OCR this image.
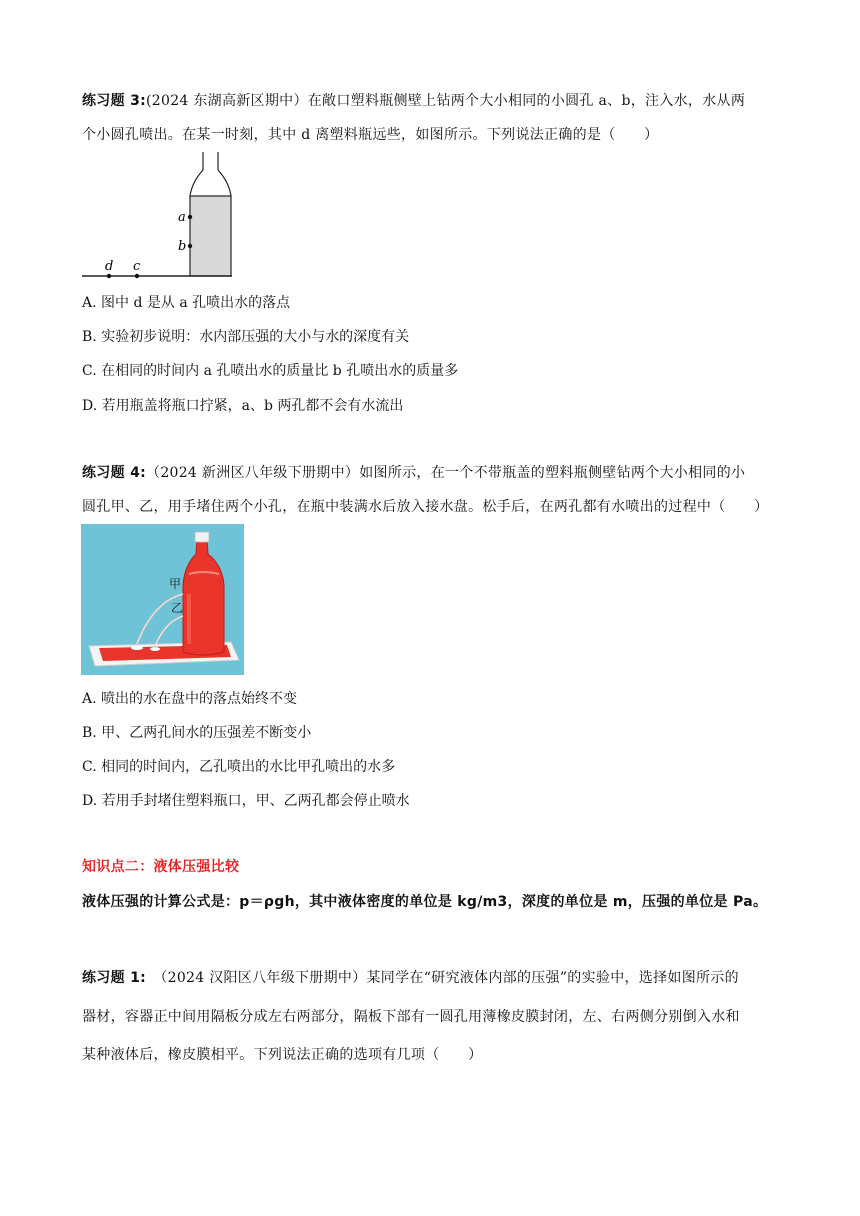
练习题 3:(2024 东湖高新区期中）在敞口塑料瓶侧壁上钻两个大小相同的小圆孔 a、b，注入水，水从两
个小圆孔喷出。在某一时刻，其中 d 离塑料瓶远些，如图所示。下列说法正确的是（　　）
a
b
d c
A. 图中 d 是从 a 孔喷出水的落点
B. 实验初步说明：水内部压强的大小与水的深度有关
C. 在相同的时间内 a 孔喷出水的质量比 b 孔喷出水的质量多
D. 若用瓶盖将瓶口拧紧，a、b 两孔都不会有水流出
练习题 4:（2024 新洲区八年级下册期中）如图所示，在一个不带瓶盖的塑料瓶侧壁钻两个大小相同的小
圆孔甲、乙，用手堵住两个小孔，在瓶中装满水后放入接水盘。松手后，在两孔都有水喷出的过程中（　　）
甲
乙
A. 喷出的水在盘中的落点始终不变
B. 甲、乙两孔间水的压强差不断变小
C. 相同的时间内，乙孔喷出的水比甲孔喷出的水多
D. 若用手封堵住塑料瓶口，甲、乙两孔都会停止喷水
知识点二：液体压强比较
液体压强的计算公式是：p＝ρgh，其中液体密度的单位是 kg/m3，深度的单位是 m，压强的单位是 Pa。
练习题 1:　（2024 汉阳区八年级下册期中）某同学在“研究液体内部的压强”的实验中，选择如图所示的
器材，容器正中间用隔板分成左右两部分，隔板下部有一圆孔用薄橡皮膜封闭，左、右两侧分别倒入水和
某种液体后，橡皮膜相平。下列说法正确的选项有几项（　　）
